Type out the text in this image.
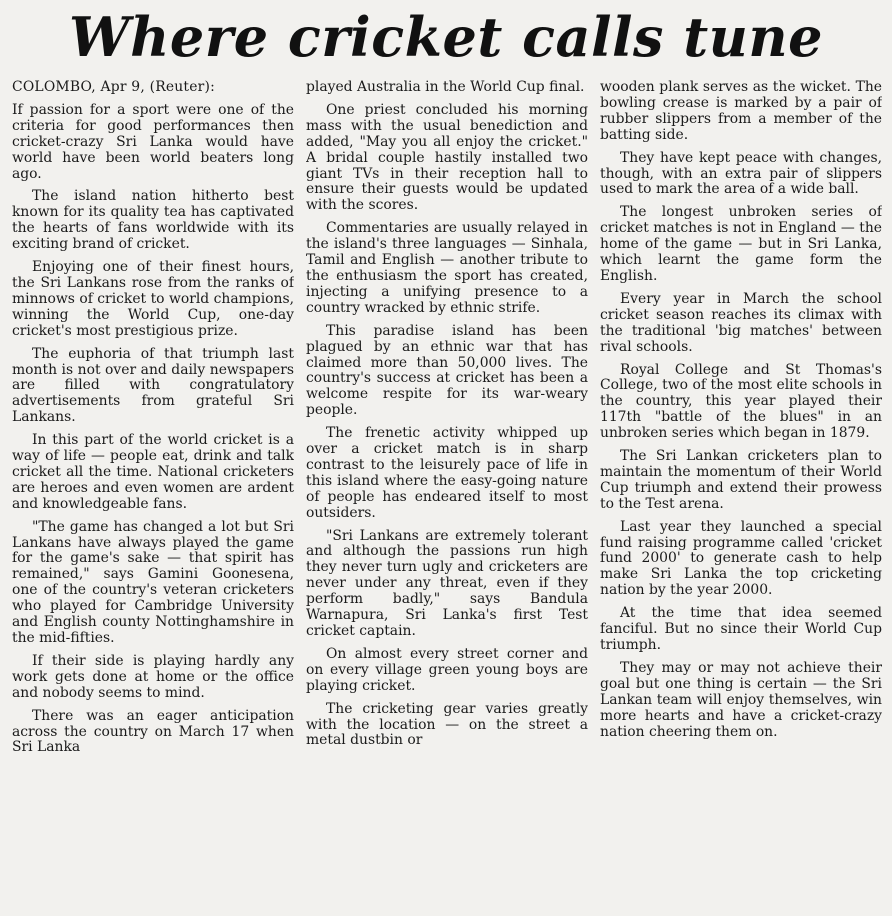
Where cricket calls tune

COLOMBO, Apr 9, (Reuter):

If passion for a sport were one of the criteria for good performances then cricket-crazy Sri Lanka would have world have been world beaters long ago.

The island nation hitherto best known for its quality tea has captivated the hearts of fans worldwide with its exciting brand of cricket.

Enjoying one of their finest hours, the Sri Lankans rose from the ranks of minnows of cricket to world champions, winning the World Cup, one-day cricket's most prestigious prize.

The euphoria of that triumph last month is not over and daily newspapers are filled with congratulatory advertisements from grateful Sri Lankans.

In this part of the world cricket is a way of life — people eat, drink and talk cricket all the time. National cricketers are heroes and even women are ardent and knowledgeable fans.

"The game has changed a lot but Sri Lankans have always played the game for the game's sake — that spirit has remained," says Gamini Goonesena, one of the country's veteran cricketers who played for Cambridge University and English county Nottinghamshire in the mid-fifties.

If their side is playing hardly any work gets done at home or the office and nobody seems to mind.

There was an eager anticipation across the country on March 17 when Sri Lanka

played Australia in the World Cup final.

One priest concluded his morning mass with the usual benediction and added, "May you all enjoy the cricket." A bridal couple hastily installed two giant TVs in their reception hall to ensure their guests would be updated with the scores.

Commentaries are usually relayed in the island's three languages — Sinhala, Tamil and English — another tribute to the enthusiasm the sport has created, injecting a unifying presence to a country wracked by ethnic strife.

This paradise island has been plagued by an ethnic war that has claimed more than 50,000 lives. The country's success at cricket has been a welcome respite for its war-weary people.

The frenetic activity whipped up over a cricket match is in sharp contrast to the leisurely pace of life in this island where the easy-going nature of people has endeared itself to most outsiders.

"Sri Lankans are extremely tolerant and although the passions run high they never turn ugly and cricketers are never under any threat, even if they perform badly," says Bandula Warnapura, Sri Lanka's first Test cricket captain.

On almost every street corner and on every village green young boys are playing cricket.

The cricketing gear varies greatly with the location — on the street a metal dustbin or

wooden plank serves as the wicket. The bowling crease is marked by a pair of rubber slippers from a member of the batting side.

They have kept peace with changes, though, with an extra pair of slippers used to mark the area of a wide ball.

The longest unbroken series of cricket matches is not in England — the home of the game — but in Sri Lanka, which learnt the game form the English.

Every year in March the school cricket season reaches its climax with the traditional 'big matches' between rival schools.

Royal College and St Thomas's College, two of the most elite schools in the country, this year played their 117th "battle of the blues" in an unbroken series which began in 1879.

The Sri Lankan cricketers plan to maintain the momentum of their World Cup triumph and extend their prowess to the Test arena.

Last year they launched a special fund raising programme called 'cricket fund 2000' to generate cash to help make Sri Lanka the top cricketing nation by the year 2000.

At the time that idea seemed fanciful. But no since their World Cup triumph.

They may or may not achieve their goal but one thing is certain — the Sri Lankan team will enjoy themselves, win more hearts and have a cricket-crazy nation cheering them on.
